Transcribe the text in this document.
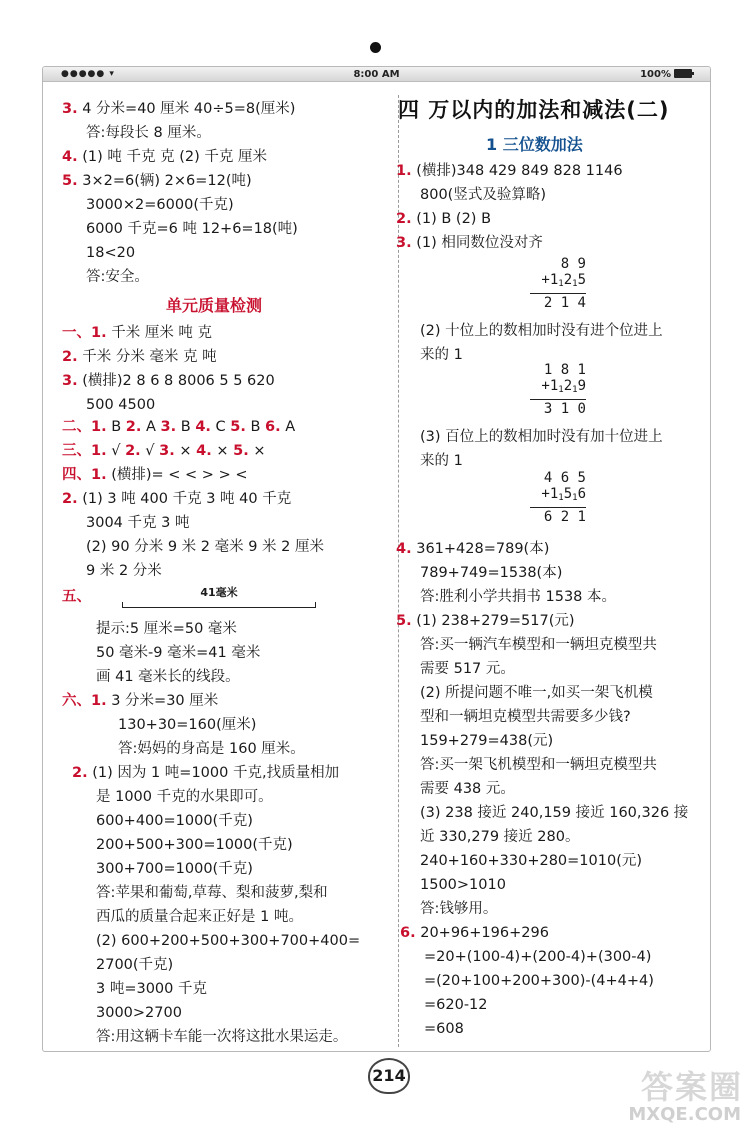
●●●●● ▾	8:00 AM	100%
3. 4 分米=40 厘米 40÷5=8(厘米)
答:每段长 8 厘米。
4. (1) 吨 千克 克 (2) 千克 厘米
5. 3×2=6(辆) 2×6=12(吨)
3000×2=6000(千克)
6000 千克=6 吨 12+6=18(吨)
18<20
答:安全。
单元质量检测
一、1. 千米 厘米 吨 克
2. 千米 分米 毫米 克 吨
3. (横排)2 8 6 8 8006 5 5 620
500 4500
二、1. B 2. A 3. B 4. C 5. B 6. A
三、1. √ 2. √ 3. × 4. × 5. ×
四、1. (横排)= < < > > <
2. (1) 3 吨 400 千克 3 吨 40 千克
3004 千克 3 吨
(2) 90 分米 9 米 2 毫米 9 米 2 厘米
9 米 2 分米
五、	41毫米
提示:5 厘米=50 毫米
50 毫米-9 毫米=41 毫米
画 41 毫米长的线段。
六、1. 3 分米=30 厘米
130+30=160(厘米)
答:妈妈的身高是 160 厘米。
2. (1) 因为 1 吨=1000 千克,找质量相加
是 1000 千克的水果即可。
600+400=1000(千克)
200+500+300=1000(千克)
300+700=1000(千克)
答:苹果和葡萄,草莓、梨和菠萝,梨和
西瓜的质量合起来正好是 1 吨。
(2) 600+200+500+300+700+400=
2700(千克)
3 吨=3000 千克
3000>2700
答:用这辆卡车能一次将这批水果运走。
四 万以内的加法和减法(二)
1 三位数加法
1. (横排)348 429 849 828 1146
800(竖式及验算略)
2. (1) B (2) B
3. (1) 相同数位没对齐
8 9
+11215
2 1 4
(2) 十位上的数相加时没有进个位进上
来的 1
1 8 1
+11219
3 1 0
(3) 百位上的数相加时没有加十位进上
来的 1
4 6 5
+11516
6 2 1
4. 361+428=789(本)
789+749=1538(本)
答:胜利小学共捐书 1538 本。
5. (1) 238+279=517(元)
答:买一辆汽车模型和一辆坦克模型共
需要 517 元。
(2) 所提问题不唯一,如买一架飞机模
型和一辆坦克模型共需要多少钱?
159+279=438(元)
答:买一架飞机模型和一辆坦克模型共
需要 438 元。
(3) 238 接近 240,159 接近 160,326 接
近 330,279 接近 280。
240+160+330+280=1010(元)
1500>1010
答:钱够用。
6. 20+96+196+296
=20+(100-4)+(200-4)+(300-4)
=(20+100+200+300)-(4+4+4)
=620-12
=608
214	答案圈
MXQE.COM
